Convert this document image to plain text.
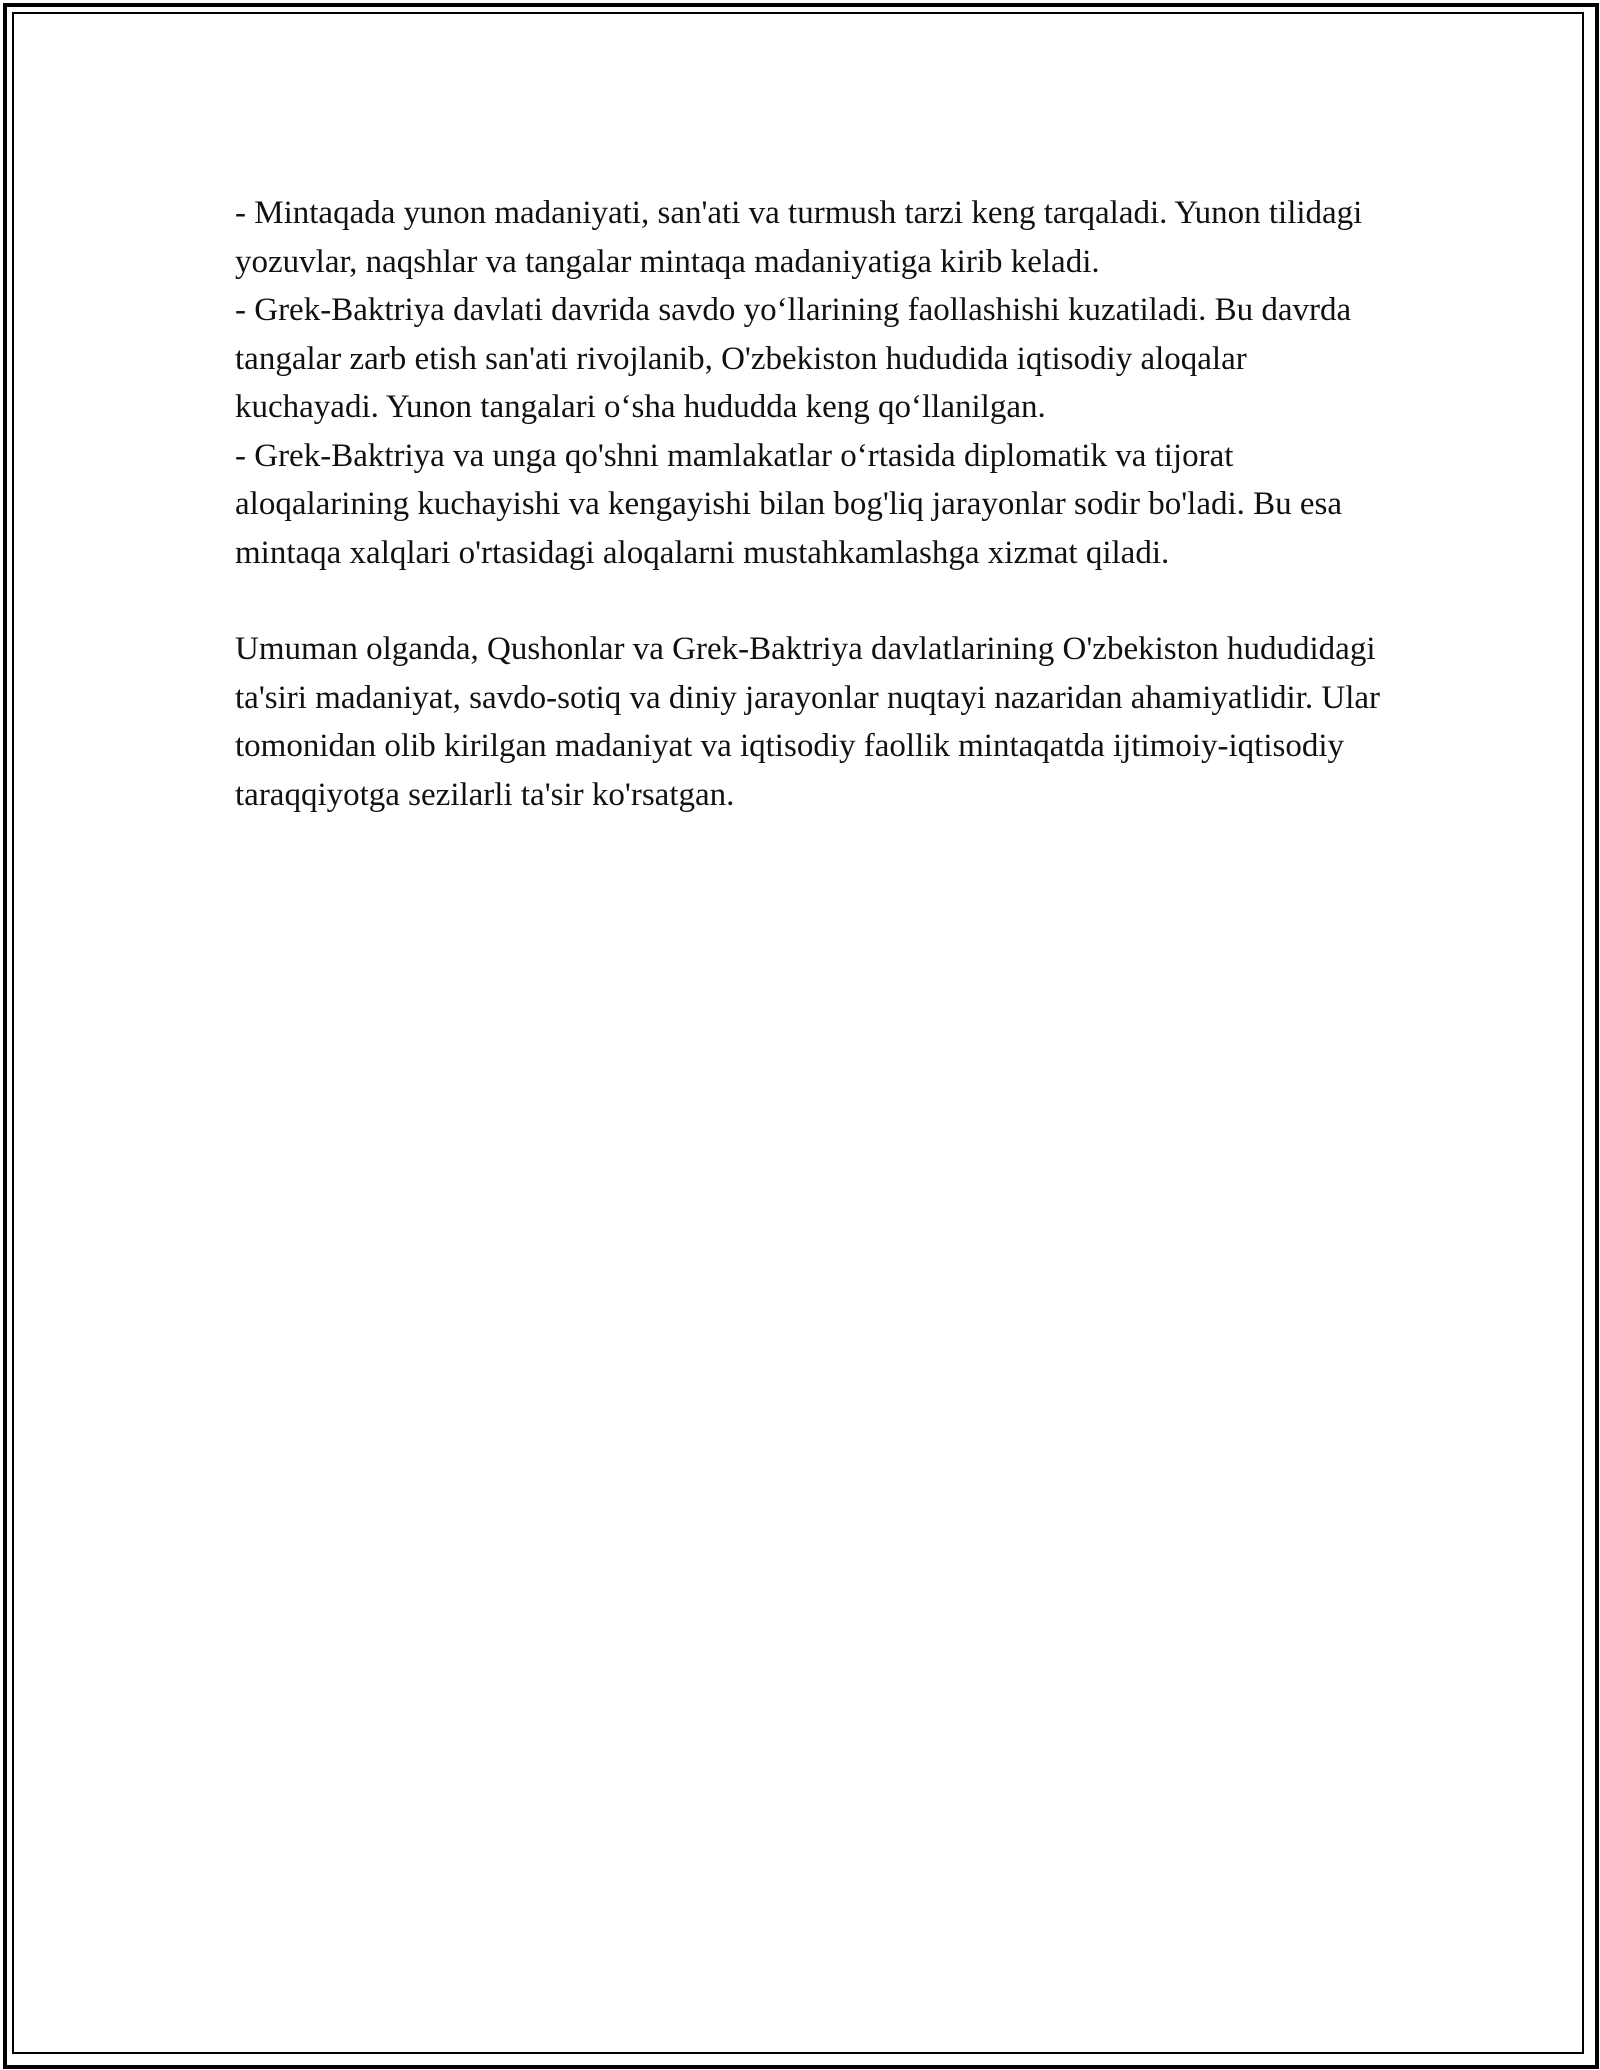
- Mintaqada yunon madaniyati, san'ati va turmush tarzi keng tarqaladi. Yunon tilidagi yozuvlar, naqshlar va tangalar mintaqa madaniyatiga kirib keladi.

- Grek-Baktriya davlati davrida savdo yo‘llarining faollashishi kuzatiladi. Bu davrda tangalar zarb etish san'ati rivojlanib, O'zbekiston hududida iqtisodiy aloqalar kuchayadi. Yunon tangalari o‘sha hududda keng qo‘llanilgan.

- Grek-Baktriya va unga qo'shni mamlakatlar o‘rtasida diplomatik va tijorat aloqalarining kuchayishi va kengayishi bilan bog'liq jarayonlar sodir bo'ladi. Bu esa mintaqa xalqlari o'rtasidagi aloqalarni mustahkamlashga xizmat qiladi.

Umuman olganda, Qushonlar va Grek-Baktriya davlatlarining O'zbekiston hududidagi ta'siri madaniyat, savdo-sotiq va diniy jarayonlar nuqtayi nazaridan ahamiyatlidir. Ular tomonidan olib kirilgan madaniyat va iqtisodiy faollik mintaqatda ijtimoiy-iqtisodiy taraqqiyotga sezilarli ta'sir ko'rsatgan.
